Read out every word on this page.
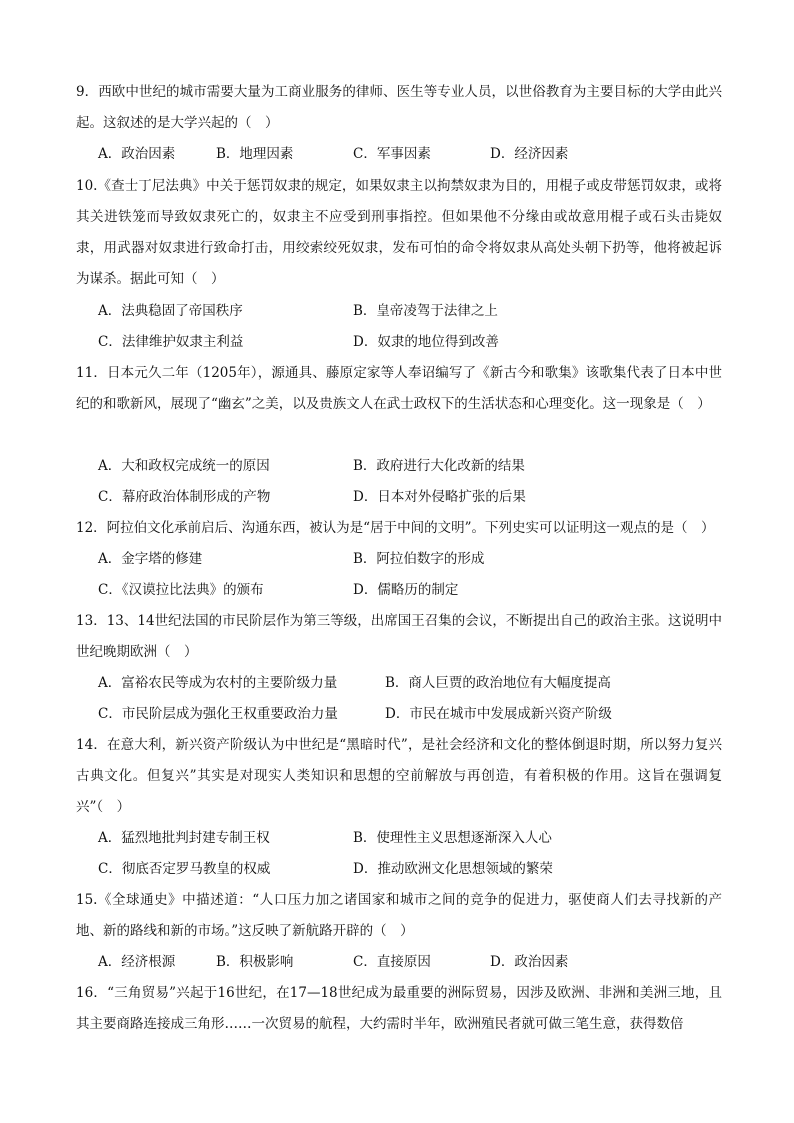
9．西欧中世纪的城市需要大量为工商业服务的律师、医生等专业人员，以世俗教育为主要目标的大学由此兴起。这叙述的是大学兴起的（　）

A．政治因素	B．地理因素	C．军事因素	D．经济因素

10.《查士丁尼法典》中关于惩罚奴隶的规定，如果奴隶主以拘禁奴隶为目的，用棍子或皮带惩罚奴隶，或将其关进铁笼而导致奴隶死亡的，奴隶主不应受到刑事指控。但如果他不分缘由或故意用棍子或石头击毙奴隶，用武器对奴隶进行致命打击，用绞索绞死奴隶，发布可怕的命令将奴隶从高处头朝下扔等，他将被起诉为谋杀。据此可知（　）

A．法典稳固了帝国秩序	B．皇帝凌驾于法律之上
C．法律维护奴隶主利益	D．奴隶的地位得到改善

11．日本元久二年（1205年），源通具、藤原定家等人奉诏编写了《新古今和歌集》该歌集代表了日本中世纪的和歌新风，展现了“幽玄”之美，以及贵族文人在武士政权下的生活状态和心理变化。这一现象是（　）

A．大和政权完成统一的原因	B．政府进行大化改新的结果
C．幕府政治体制形成的产物	D．日本对外侵略扩张的后果

12．阿拉伯文化承前启后、沟通东西，被认为是“居于中间的文明”。下列史实可以证明这一观点的是（　）

A．金字塔的修建	B．阿拉伯数字的形成
C．《汉谟拉比法典》的颁布	D．儒略历的制定

13．13、14世纪法国的市民阶层作为第三等级，出席国王召集的会议，不断提出自己的政治主张。这说明中世纪晚期欧洲（　）

A．富裕农民等成为农村的主要阶级力量	B．商人巨贾的政治地位有大幅度提高
C．市民阶层成为强化王权重要政治力量	D．市民在城市中发展成新兴资产阶级

14．在意大利，新兴资产阶级认为中世纪是“黑暗时代”，是社会经济和文化的整体倒退时期，所以努力复兴古典文化。但复兴”其实是对现实人类知识和思想的空前解放与再创造，有着积极的作用。这旨在强调复兴”（　）

A．猛烈地批判封建专制王权	B．使理性主义思想逐渐深入人心
C．彻底否定罗马教皇的权威	D．推动欧洲文化思想领域的繁荣

15.《全球通史》中描述道：“人口压力加之诸国家和城市之间的竞争的促进力，驱使商人们去寻找新的产地、新的路线和新的市场。”这反映了新航路开辟的（　）

A．经济根源	B．积极影响	C．直接原因	D．政治因素

16．“三角贸易”兴起于16世纪，在17—18世纪成为最重要的洲际贸易，因涉及欧洲、非洲和美洲三地，且其主要商路连接成三角形……一次贸易的航程，大约需时半年，欧洲殖民者就可做三笔生意，获得数倍
